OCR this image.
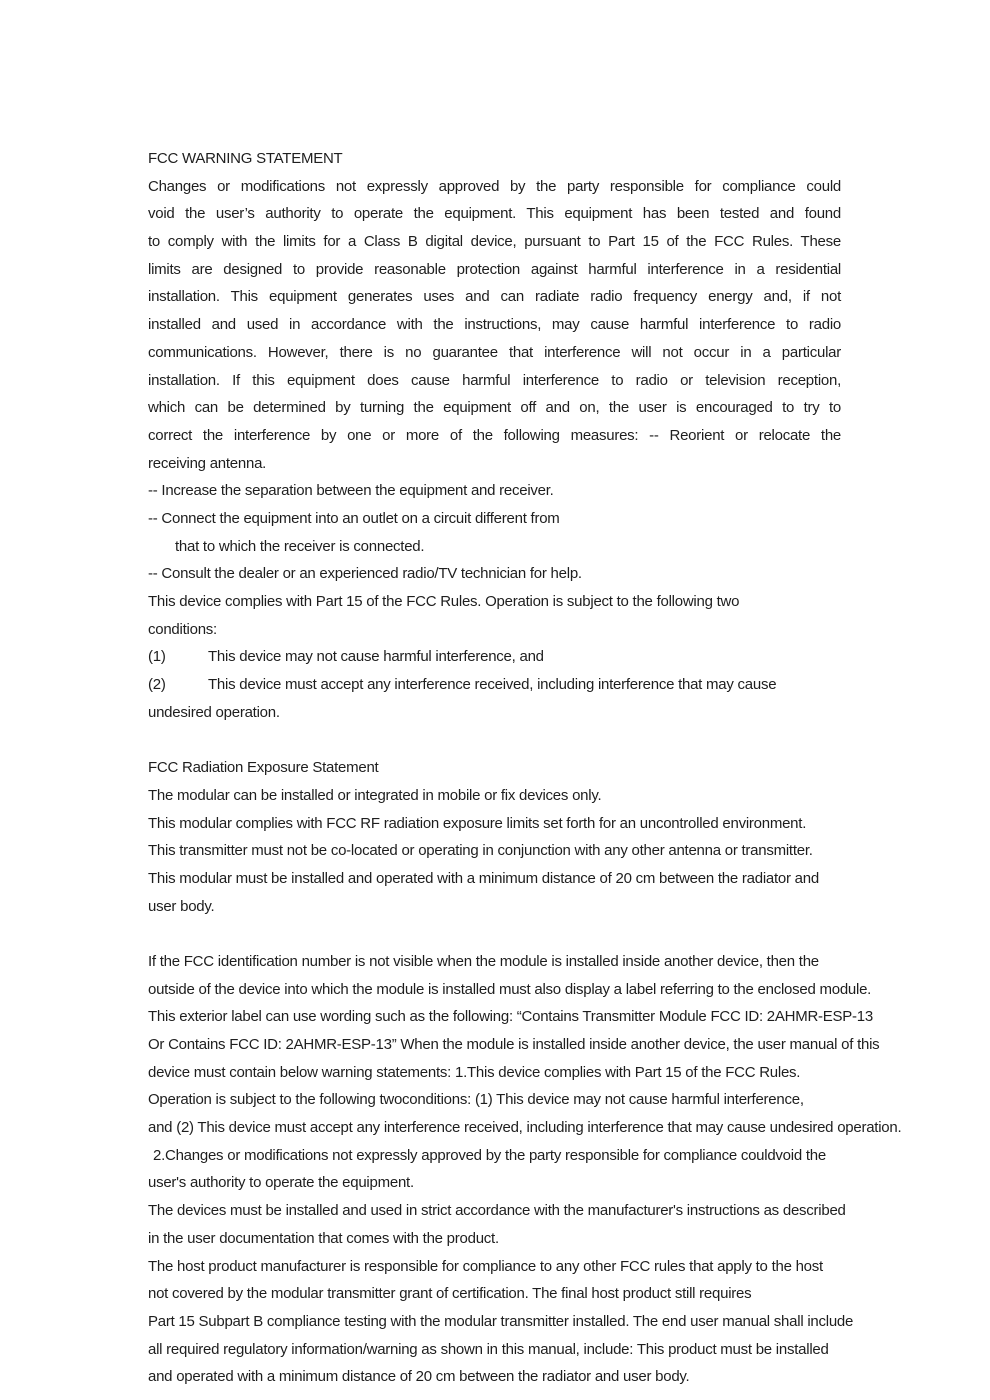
FCC WARNING STATEMENT
Changes or modifications not expressly approved by the party responsible for compliance could
void the user’s authority to operate the equipment. This equipment has been tested and found
to comply with the limits for a Class B digital device, pursuant to Part 15 of the FCC Rules. These
limits are designed to provide reasonable protection against harmful interference in a residential
installation. This equipment generates uses and can radiate radio frequency energy and, if not
installed and used in accordance with the instructions, may cause harmful interference to radio
communications. However, there is no guarantee that interference will not occur in a particular
installation. If this equipment does cause harmful interference to radio or television reception,
which can be determined by turning the equipment off and on, the user is encouraged to try to
correct the interference by one or more of the following measures: -- Reorient or relocate the
receiving antenna.
-- Increase the separation between the equipment and receiver.
-- Connect the equipment into an outlet on a circuit different from
that to which the receiver is connected.
-- Consult the dealer or an experienced radio/TV technician for help.
This device complies with Part 15 of the FCC Rules. Operation is subject to the following two
conditions:
(1)	This device may not cause harmful interference, and
(2)	This device must accept any interference received, including interference that may cause
undesired operation.

FCC Radiation Exposure Statement
The modular can be installed or integrated in mobile or fix devices only.
This modular complies with FCC RF radiation exposure limits set forth for an uncontrolled environment.
This transmitter must not be co-located or operating in conjunction with any other antenna or transmitter.
This modular must be installed and operated with a minimum distance of 20 cm between the radiator and
user body.

If the FCC identification number is not visible when the module is installed inside another device, then the
outside of the device into which the module is installed must also display a label referring to the enclosed module.
This exterior label can use wording such as the following: “Contains Transmitter Module FCC ID: 2AHMR-ESP-13
Or Contains FCC ID: 2AHMR-ESP-13” When the module is installed inside another device, the user manual of this
device must contain below warning statements: 1.This device complies with Part 15 of the FCC Rules.
Operation is subject to the following twoconditions: (1) This device may not cause harmful interference,
and (2) This device must accept any interference received, including interference that may cause undesired operation.
2.Changes or modifications not expressly approved by the party responsible for compliance couldvoid the
user's authority to operate the equipment.
The devices must be installed and used in strict accordance with the manufacturer's instructions as described
in the user documentation that comes with the product.
The host product manufacturer is responsible for compliance to any other FCC rules that apply to the host
not covered by the modular transmitter grant of certification. The final host product still requires
Part 15 Subpart B compliance testing with the modular transmitter installed. The end user manual shall include
all required regulatory information/warning as shown in this manual, include: This product must be installed
and operated with a minimum distance of 20 cm between the radiator and user body.
